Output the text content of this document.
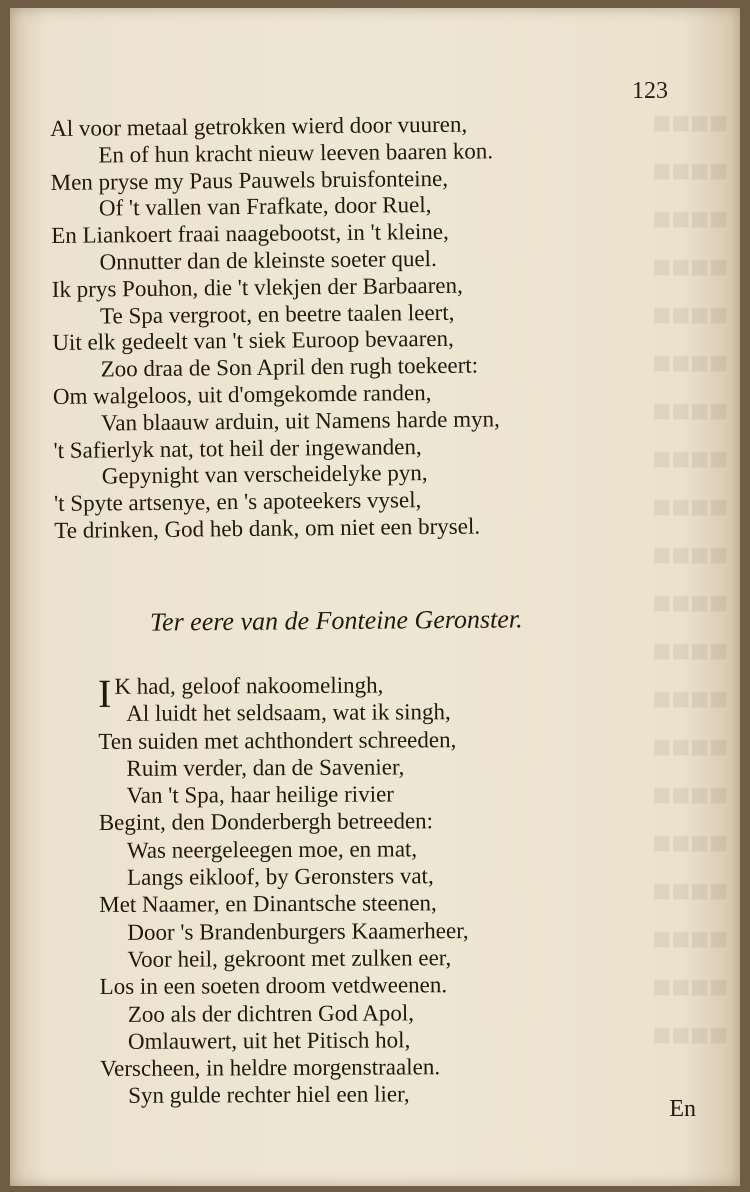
■■■■
■■■■
■■■■
■■■■
■■■■
■■■■
■■■■
■■■■
■■■■
■■■■
■■■■
■■■■
■■■■
■■■■
■■■■
■■■■
■■■■
■■■■
■■■■
■■■■
123
Al voor metaal getrokken wierd door vuuren,
En of hun kracht nieuw leeven baaren kon.
Men pryse my Paus Pauwels bruisfonteine,
Of 't vallen van Frafkate, door Ruel,
En Liankoert fraai naagebootst, in 't kleine,
Onnutter dan de kleinste soeter quel.
Ik prys Pouhon, die 't vlekjen der Barbaaren,
Te Spa vergroot, en beetre taalen leert,
Uit elk gedeelt van 't siek Euroop bevaaren,
Zoo draa de Son April den rugh toekeert:
Om walgeloos, uit d'omgekomde randen,
Van blaauw arduin, uit Namens harde myn,
't Safierlyk nat, tot heil der ingewanden,
Gepynight van verscheidelyke pyn,
't Spyte artsenye, en 's apoteekers vysel,
Te drinken, God heb dank, om niet een brysel.
Ter eere van de Fonteine Geronster.
I K had, geloof nakoomelingh,
Al luidt het seldsaam, wat ik singh,
Ten suiden met achthondert schreeden,
Ruim verder, dan de Savenier,
Van 't Spa, haar heilige rivier
Begint, den Donderbergh betreeden:
Was neergeleegen moe, en mat,
Langs eikloof, by Geronsters vat,
Met Naamer, en Dinantsche steenen,
Door 's Brandenburgers Kaamerheer,
Voor heil, gekroont met zulken eer,
Los in een soeten droom vetdweenen.
Zoo als der dichtren God Apol,
Omlauwert, uit het Pitisch hol,
Verscheen, in heldre morgenstraalen.
Syn gulde rechter hiel een lier,
En
